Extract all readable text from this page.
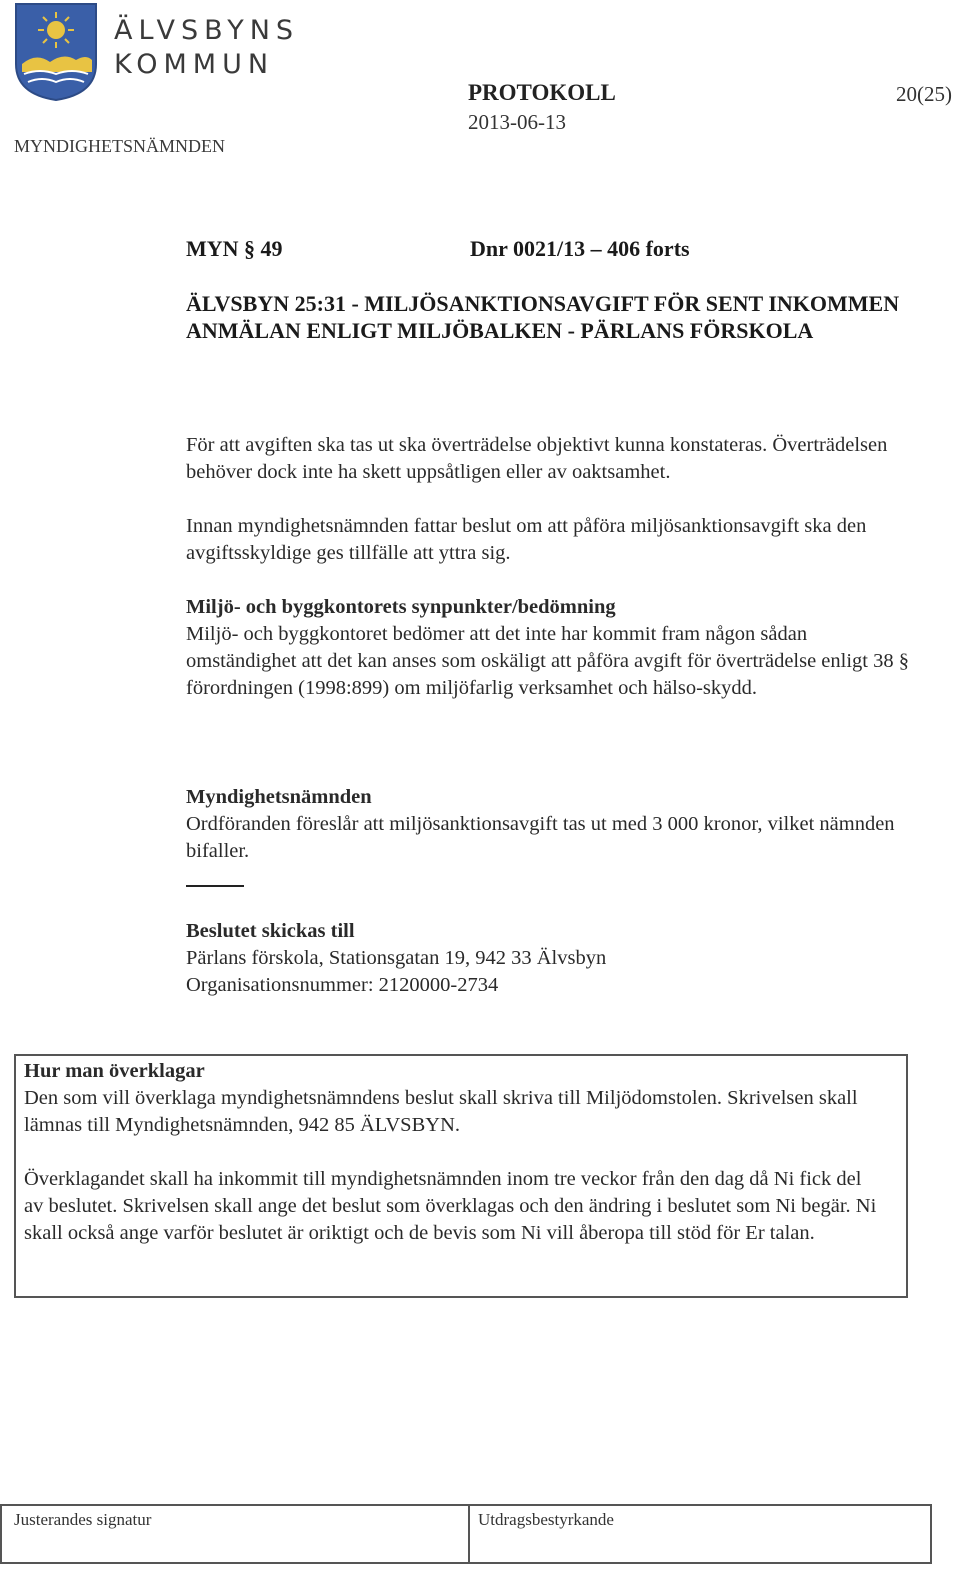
ÄLVSBYNS
KOMMUN
MYNDIGHETSNÄMNDEN
PROTOKOLL
2013-06-13
20(25)
MYN § 49	Dnr 0021/13 – 406 forts
ÄLVSBYN 25:31 - MILJÖSANKTIONSAVGIFT FÖR SENT INKOMMEN ANMÄLAN ENLIGT MILJÖBALKEN - PÄRLANS FÖRSKOLA
För att avgiften ska tas ut ska överträdelse objektivt kunna konstateras. Överträdelsen behöver dock inte ha skett uppsåtligen eller av oaktsamhet.
Innan myndighetsnämnden fattar beslut om att påföra miljösanktionsavgift ska den avgiftsskyldige ges tillfälle att yttra sig.
Miljö- och byggkontorets synpunkter/bedömning
Miljö- och byggkontoret bedömer att det inte har kommit fram någon sådan omständighet att det kan anses som oskäligt att påföra avgift för överträdelse enligt 38 § förordningen (1998:899) om miljöfarlig verksamhet och hälso-skydd.
Myndighetsnämnden
Ordföranden föreslår att miljösanktionsavgift tas ut med 3 000 kronor, vilket nämnden bifaller.
Beslutet skickas till
Pärlans förskola, Stationsgatan 19, 942 33 Älvsbyn
Organisationsnummer: 2120000-2734
Hur man överklagar
Den som vill överklaga myndighetsnämndens beslut skall skriva till Miljödomstolen. Skrivelsen skall lämnas till Myndighetsnämnden, 942 85 ÄLVSBYN.
Överklagandet skall ha inkommit till myndighetsnämnden inom tre veckor från den dag då Ni fick del av beslutet. Skrivelsen skall ange det beslut som överklagas och den ändring i beslutet som Ni begär. Ni skall också ange varför beslutet är oriktigt och de bevis som Ni vill åberopa till stöd för Er talan.
Justerandes signatur	Utdragsbestyrkande
